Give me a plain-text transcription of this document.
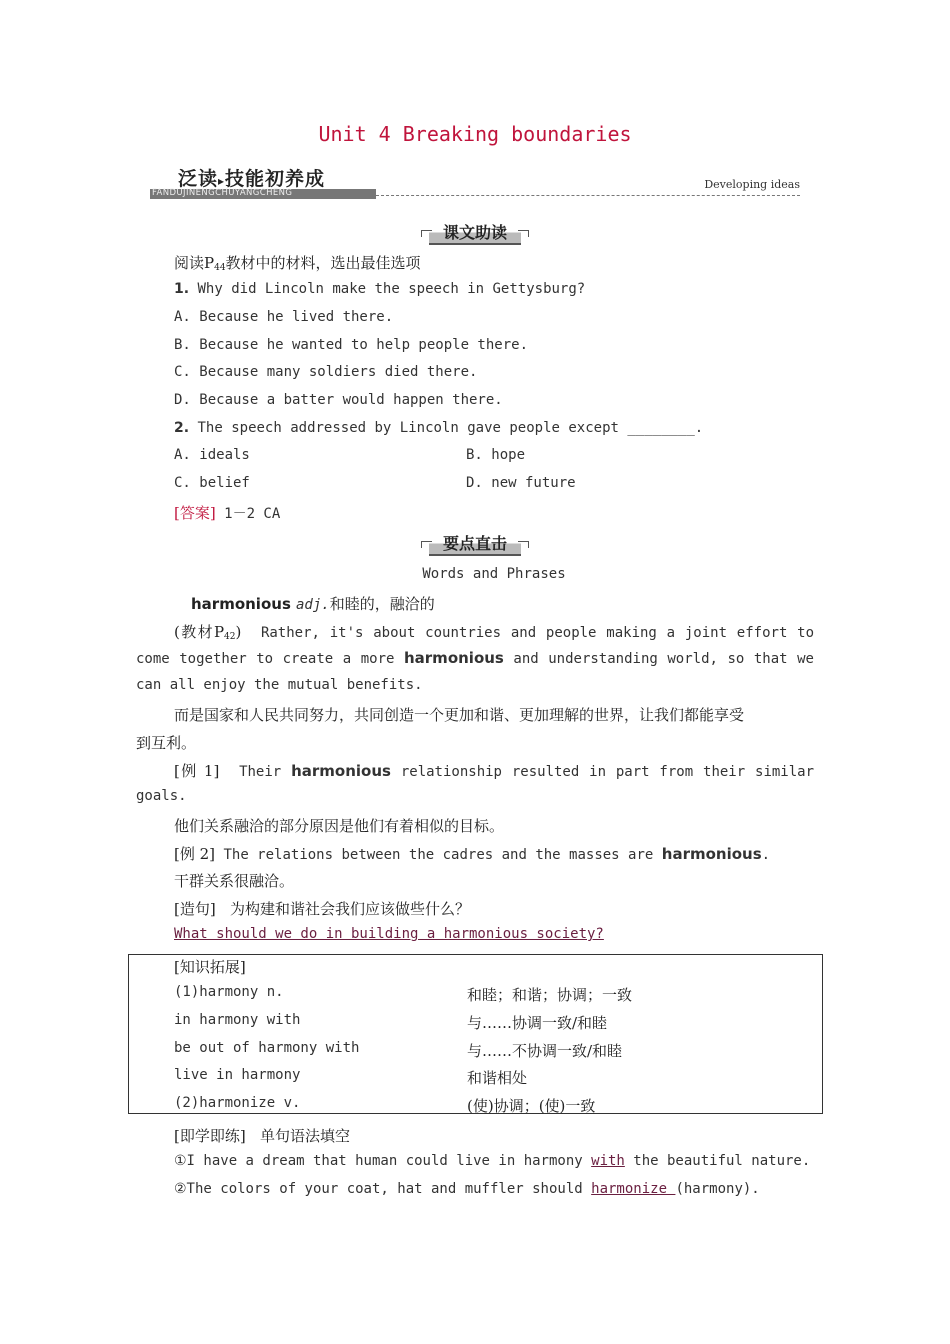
Unit 4 Breaking boundaries
泛读▸技能初养成
FANDUJINENGCHUYANGCHENG
Developing ideas
课文助读
阅读$P_{44}$教材中的材料，选出最佳选项
1. Why did Lincoln make the speech in Gettysburg?
A. Because he lived there.
B. Because he wanted to help people there.
C. Because many soldiers died there.
D. Because a batter would happen there.
2. The speech addressed by Lincoln gave people except ________.
A. ideals	B. hope
C. belief	D. new future
[答案] 1－2 CA
要点直击
Words and Phrases
harmonious adj.和睦的，融洽的
(教材$P_{42}$) Rather, it's about countries and people making a joint effort to
come together to create a more harmonious and understanding world, so that we
can all enjoy the mutual benefits.
而是国家和人民共同努力，共同创造一个更加和谐、更加理解的世界，让我们都能享受
到互利。
[例 1] Their harmonious relationship resulted in part from their similar
goals.
他们关系融洽的部分原因是他们有着相似的目标。
[例 2] The relations between the cadres and the masses are harmonious.
干群关系很融洽。
[造句] 为构建和谐社会我们应该做些什么？
What should we do in building a harmonious society?
[知识拓展]
(1)harmony n.	和睦；和谐；协调；一致
in harmony with	与……协调一致/和睦
be out of harmony with	与……不协调一致/和睦
live in harmony	和谐相处
(2)harmonize v.	(使)协调；(使)一致
[即学即练] 单句语法填空
①I have a dream that human could live in harmony with the beautiful nature.
②The colors of your coat, hat and muffler should harmonize (harmony).
